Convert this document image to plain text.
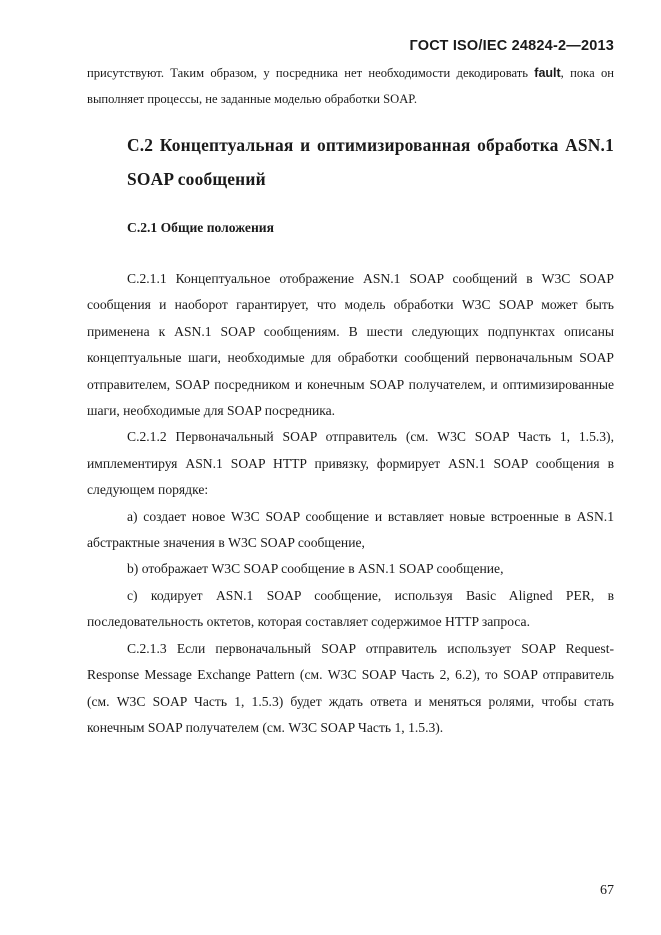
ГОСТ ISO/IEC 24824-2—2013
присутствуют. Таким образом, у посредника нет необходимости декодировать fault, пока он выполняет процессы, не заданные моделью обработки SOAP.
С.2 Концептуальная и оптимизированная обработка ASN.1 SOAP сообщений
С.2.1 Общие положения

С.2.1.1 Концептуальное отображение ASN.1 SOAP сообщений в W3C SOAP сообщения и наоборот гарантирует, что модель обработки W3C SOAP может быть применена к ASN.1 SOAP сообщениям. В шести следующих подпунктах описаны концептуальные шаги, необходимые для обработки сообщений первоначальным SOAP отправителем, SOAP посредником и конечным SOAP получателем, и оптимизированные шаги, необходимые для SOAP посредника.

С.2.1.2 Первоначальный SOAP отправитель (см. W3C SOAP Часть 1, 1.5.3), имплементируя ASN.1 SOAP HTTP привязку, формирует ASN.1 SOAP сообщения в следующем порядке:

а) создает новое W3C SOAP сообщение и вставляет новые встроенные в ASN.1 абстрактные значения в W3C SOAP сообщение,

b) отображает W3C SOAP сообщение в ASN.1 SOAP сообщение,

c) кодирует ASN.1 SOAP сообщение, используя Basic Aligned PER, в последовательность октетов, которая составляет содержимое HTTP запроса.

С.2.1.3 Если первоначальный SOAP отправитель использует SOAP Request-Response Message Exchange Pattern (см. W3C SOAP Часть 2, 6.2), то SOAP отправитель (см. W3C SOAP Часть 1, 1.5.3) будет ждать ответа и меняться ролями, чтобы стать конечным SOAP получателем (см. W3C SOAP Часть 1, 1.5.3).

67
